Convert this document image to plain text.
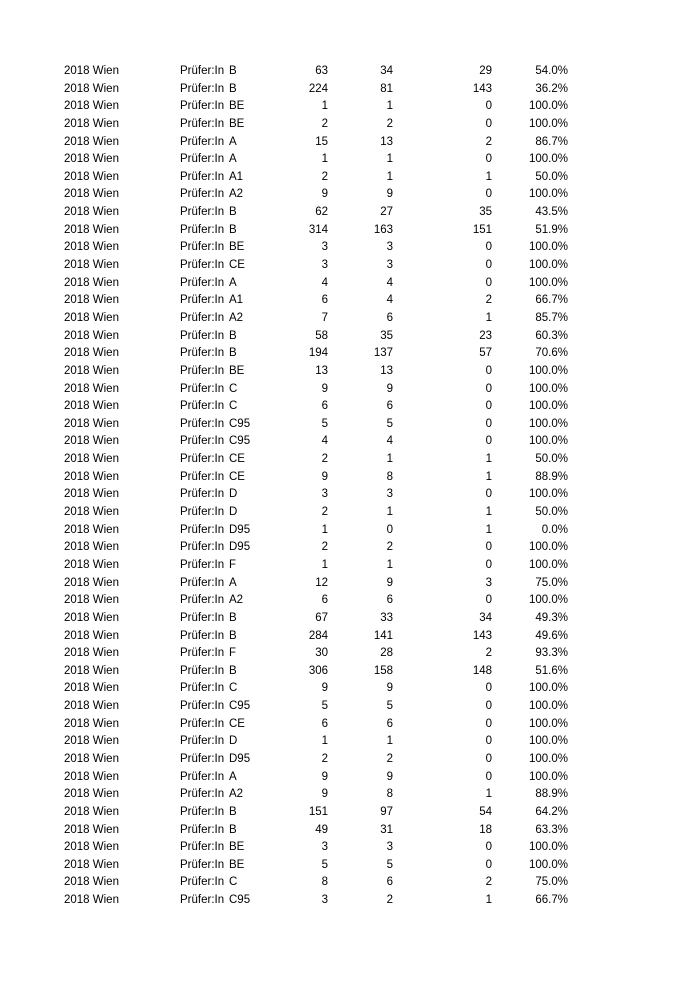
2018 Wien	Prüfer:In B	63	34	29	54.0%
2018 Wien	Prüfer:In B	224	81	143	36.2%
2018 Wien	Prüfer:In BE	1	1	0	100.0%
2018 Wien	Prüfer:In BE	2	2	0	100.0%
2018 Wien	Prüfer:In A	15	13	2	86.7%
2018 Wien	Prüfer:In A	1	1	0	100.0%
2018 Wien	Prüfer:In A1	2	1	1	50.0%
2018 Wien	Prüfer:In A2	9	9	0	100.0%
2018 Wien	Prüfer:In B	62	27	35	43.5%
2018 Wien	Prüfer:In B	314	163	151	51.9%
2018 Wien	Prüfer:In BE	3	3	0	100.0%
2018 Wien	Prüfer:In CE	3	3	0	100.0%
2018 Wien	Prüfer:In A	4	4	0	100.0%
2018 Wien	Prüfer:In A1	6	4	2	66.7%
2018 Wien	Prüfer:In A2	7	6	1	85.7%
2018 Wien	Prüfer:In B	58	35	23	60.3%
2018 Wien	Prüfer:In B	194	137	57	70.6%
2018 Wien	Prüfer:In BE	13	13	0	100.0%
2018 Wien	Prüfer:In C	9	9	0	100.0%
2018 Wien	Prüfer:In C	6	6	0	100.0%
2018 Wien	Prüfer:In C95	5	5	0	100.0%
2018 Wien	Prüfer:In C95	4	4	0	100.0%
2018 Wien	Prüfer:In CE	2	1	1	50.0%
2018 Wien	Prüfer:In CE	9	8	1	88.9%
2018 Wien	Prüfer:In D	3	3	0	100.0%
2018 Wien	Prüfer:In D	2	1	1	50.0%
2018 Wien	Prüfer:In D95	1	0	1	0.0%
2018 Wien	Prüfer:In D95	2	2	0	100.0%
2018 Wien	Prüfer:In F	1	1	0	100.0%
2018 Wien	Prüfer:In A	12	9	3	75.0%
2018 Wien	Prüfer:In A2	6	6	0	100.0%
2018 Wien	Prüfer:In B	67	33	34	49.3%
2018 Wien	Prüfer:In B	284	141	143	49.6%
2018 Wien	Prüfer:In F	30	28	2	93.3%
2018 Wien	Prüfer:In B	306	158	148	51.6%
2018 Wien	Prüfer:In C	9	9	0	100.0%
2018 Wien	Prüfer:In C95	5	5	0	100.0%
2018 Wien	Prüfer:In CE	6	6	0	100.0%
2018 Wien	Prüfer:In D	1	1	0	100.0%
2018 Wien	Prüfer:In D95	2	2	0	100.0%
2018 Wien	Prüfer:In A	9	9	0	100.0%
2018 Wien	Prüfer:In A2	9	8	1	88.9%
2018 Wien	Prüfer:In B	151	97	54	64.2%
2018 Wien	Prüfer:In B	49	31	18	63.3%
2018 Wien	Prüfer:In BE	3	3	0	100.0%
2018 Wien	Prüfer:In BE	5	5	0	100.0%
2018 Wien	Prüfer:In C	8	6	2	75.0%
2018 Wien	Prüfer:In C95	3	2	1	66.7%
